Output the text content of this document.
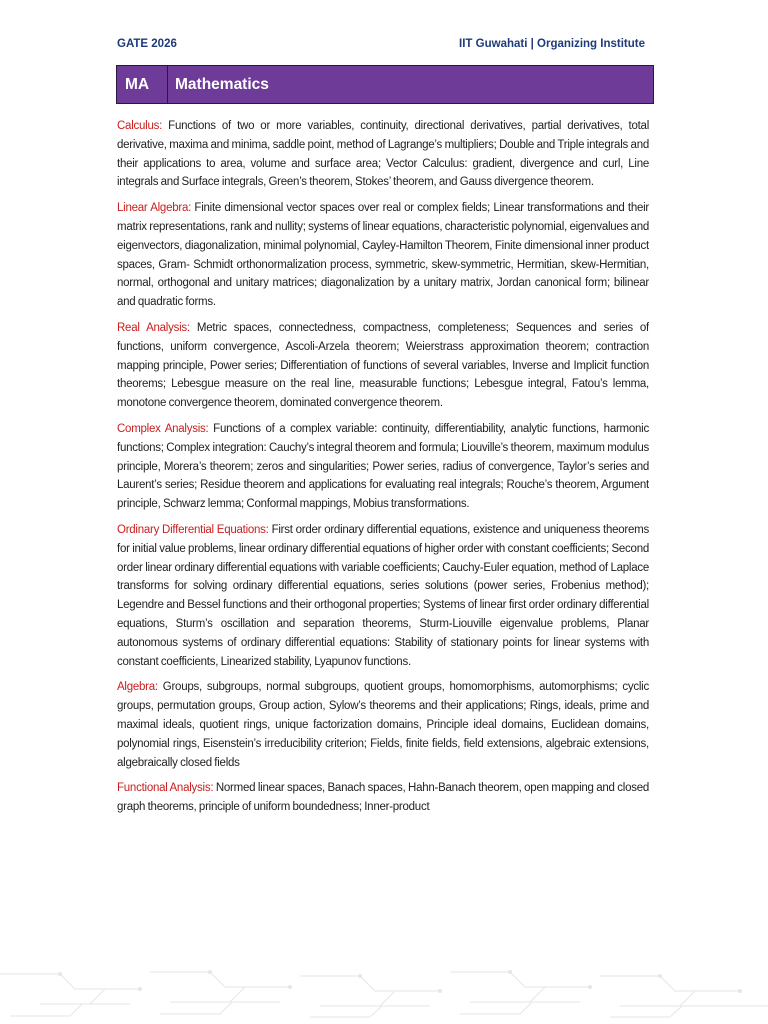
GATE 2026	IIT Guwahati | Organizing Institute
MA	Mathematics

Calculus: Functions of two or more variables, continuity, directional derivatives, partial derivatives, total derivative, maxima and minima, saddle point, method of Lagrange’s multipliers; Double and Triple integrals and their applications to area, volume and surface area; Vector Calculus: gradient, divergence and curl, Line integrals and Surface integrals, Green’s theorem, Stokes’ theorem, and Gauss divergence theorem.

Linear Algebra: Finite dimensional vector spaces over real or complex fields; Linear transformations and their matrix representations, rank and nullity; systems of linear equations, characteristic polynomial, eigenvalues and eigenvectors, diagonalization, minimal polynomial, Cayley-Hamilton Theorem, Finite dimensional inner product spaces, Gram- Schmidt orthonormalization process, symmetric, skew-symmetric, Hermitian, skew-Hermitian, normal, orthogonal and unitary matrices; diagonalization by a unitary matrix, Jordan canonical form; bilinear and quadratic forms.

Real Analysis: Metric spaces, connectedness, compactness, completeness; Sequences and series of functions, uniform convergence, Ascoli-Arzela theorem; Weierstrass approximation theorem; contraction mapping principle, Power series; Differentiation of functions of several variables, Inverse and Implicit function theorems; Lebesgue measure on the real line, measurable functions; Lebesgue integral, Fatou’s lemma, monotone convergence theorem, dominated convergence theorem.

Complex Analysis: Functions of a complex variable: continuity, differentiability, analytic functions, harmonic functions; Complex integration: Cauchy’s integral theorem and formula; Liouville’s theorem, maximum modulus principle, Morera’s theorem; zeros and singularities; Power series, radius of convergence, Taylor’s series and Laurent’s series; Residue theorem and applications for evaluating real integrals; Rouche’s theorem, Argument principle, Schwarz lemma; Conformal mappings, Mobius transformations.

Ordinary Differential Equations: First order ordinary differential equations, existence and uniqueness theorems for initial value problems, linear ordinary differential equations of higher order with constant coefficients; Second order linear ordinary differential equations with variable coefficients; Cauchy-Euler equation, method of Laplace transforms for solving ordinary differential equations, series solutions (power series, Frobenius method); Legendre and Bessel functions and their orthogonal properties; Systems of linear first order ordinary differential equations, Sturm’s oscillation and separation theorems, Sturm-Liouville eigenvalue problems, Planar autonomous systems of ordinary differential equations: Stability of stationary points for linear systems with constant coefficients, Linearized stability, Lyapunov functions.

Algebra: Groups, subgroups, normal subgroups, quotient groups, homomorphisms, automorphisms; cyclic groups, permutation groups, Group action, Sylow’s theorems and their applications; Rings, ideals, prime and maximal ideals, quotient rings, unique factorization domains, Principle ideal domains, Euclidean domains, polynomial rings, Eisenstein’s irreducibility criterion; Fields, finite fields, field extensions, algebraic extensions, algebraically closed fields

Functional Analysis: Normed linear spaces, Banach spaces, Hahn-Banach theorem, open mapping and closed graph theorems, principle of uniform boundedness; Inner-product
